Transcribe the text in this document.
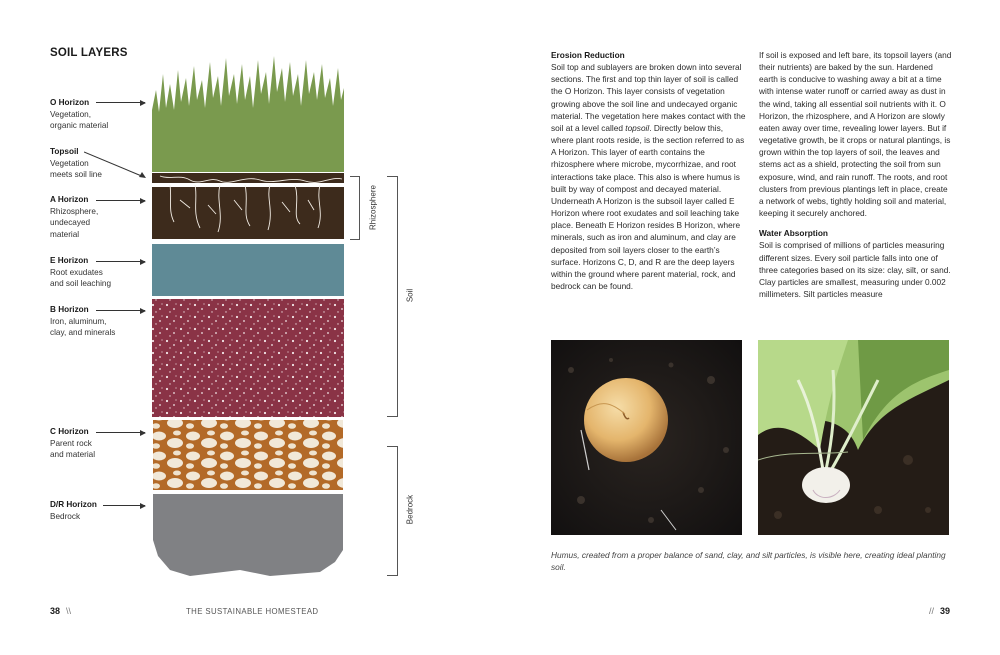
SOIL LAYERS
O Horizon
Vegetation,
organic material
Topsoil
Vegetation
meets soil line
A Horizon
Rhizosphere,
undecayed
material
E Horizon
Root exudates
and soil leaching
B Horizon
Iron, aluminum,
clay, and minerals
C Horizon
Parent rock
and material
D/R Horizon
Bedrock
Rhizosphere
Soil
Bedrock
38 \\	THE SUSTAINABLE HOMESTEAD
Erosion Reduction

Soil top and sublayers are broken down into several sections. The first and top thin layer of soil is called the O Horizon. This layer consists of vegetation growing above the soil line and undecayed organic material. The vegetation here makes contact with the soil at a level called topsoil. Directly below this, where plant roots reside, is the section referred to as A Horizon. This layer of earth contains the rhizosphere where microbe, mycorrhizae, and root interactions take place. This also is where humus is built by way of compost and decayed material. Underneath A Horizon is the subsoil layer called E Horizon where root exudates and soil leaching take place. Beneath E Horizon resides B Horizon, where minerals, such as iron and aluminum, and clay are deposited from soil layers closer to the earth’s surface. Horizons C, D, and R are the deep layers within the ground where parent material, rock, and bedrock can be found.

If soil is exposed and left bare, its topsoil layers (and their nutrients) are baked by the sun. Hardened earth is conducive to washing away a bit at a time with intense water runoff or carried away as dust in the wind, taking all essential soil nutrients with it. O Horizon, the rhizosphere, and A Horizon are slowly eaten away over time, revealing lower layers. But if vegetative growth, be it crops or natural plantings, is grown within the top layers of soil, the leaves and stems act as a shield, protecting the soil from sun exposure, wind, and rain runoff. The roots, and root clusters from previous plantings left in place, create a network of webs, tightly holding soil and material, keeping it securely anchored.

Water Absorption

Soil is comprised of millions of particles measuring different sizes. Every soil particle falls into one of three categories based on its size: clay, silt, or sand. Clay particles are smallest, measuring under 0.002 millimeters. Silt particles measure

Humus, created from a proper balance of sand, clay, and silt particles, is visible here, creating ideal planting soil.
// 39
